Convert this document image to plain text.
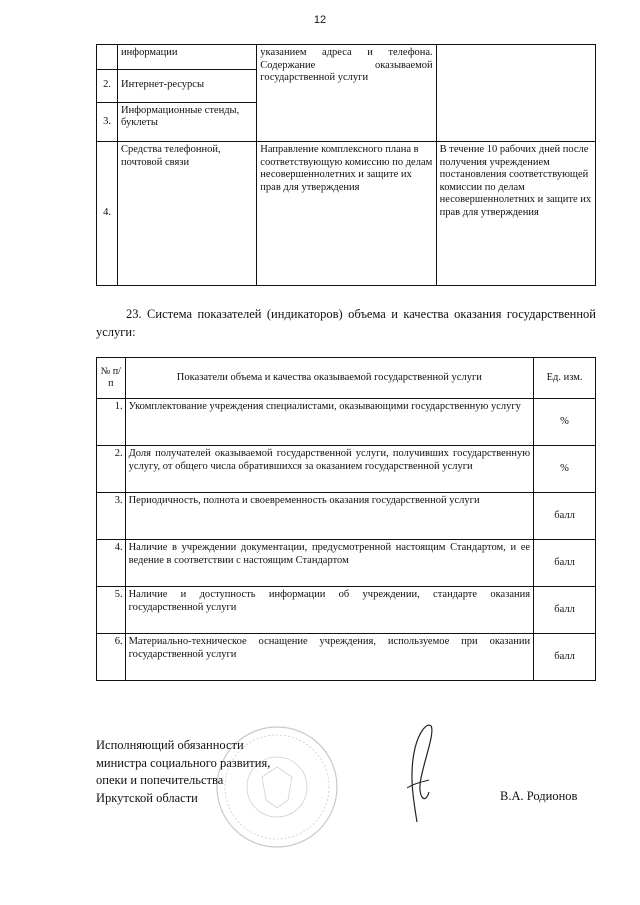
12
	информации	указанием адреса и телефона. Содержание оказываемой государственной услуги	
2.	Интернет-ресурсы		
3.	Информационные стенды, буклеты		
4.	Средства телефонной, почтовой связи	Направление комплексного плана в соответствующую комиссию по делам несовершеннолетних и защите их прав для утверждения	В течение 10 рабочих дней после получения учреждением постановления соответствующей комиссии по делам несовершеннолетних и защите их прав для утверждения

23. Система показателей (индикаторов) объема и качества оказания государственной услуги:

№ п/п	Показатели объема и качества оказываемой государственной услуги	Ед. изм.
1.	Укомплектование учреждения специалистами, оказывающими государственную услугу	%
2.	Доля получателей оказываемой государственной услуги, получивших государственную услугу, от общего числа обратившихся за оказанием государственной услуги	%
3.	Периодичность, полнота и своевременность оказания государственной услуги	балл
4.	Наличие в учреждении документации, предусмотренной настоящим Стандартом, и ее ведение в соответствии с настоящим Стандартом	балл
5.	Наличие и доступность информации об учреждении, стандарте оказания государственной услуги	балл
6.	Материально-техническое оснащение учреждения, используемое при оказании государственной услуги	балл
Исполняющий обязанности
министра социального развития,
опеки и попечительства
Иркутской области	В.А. Родионов
